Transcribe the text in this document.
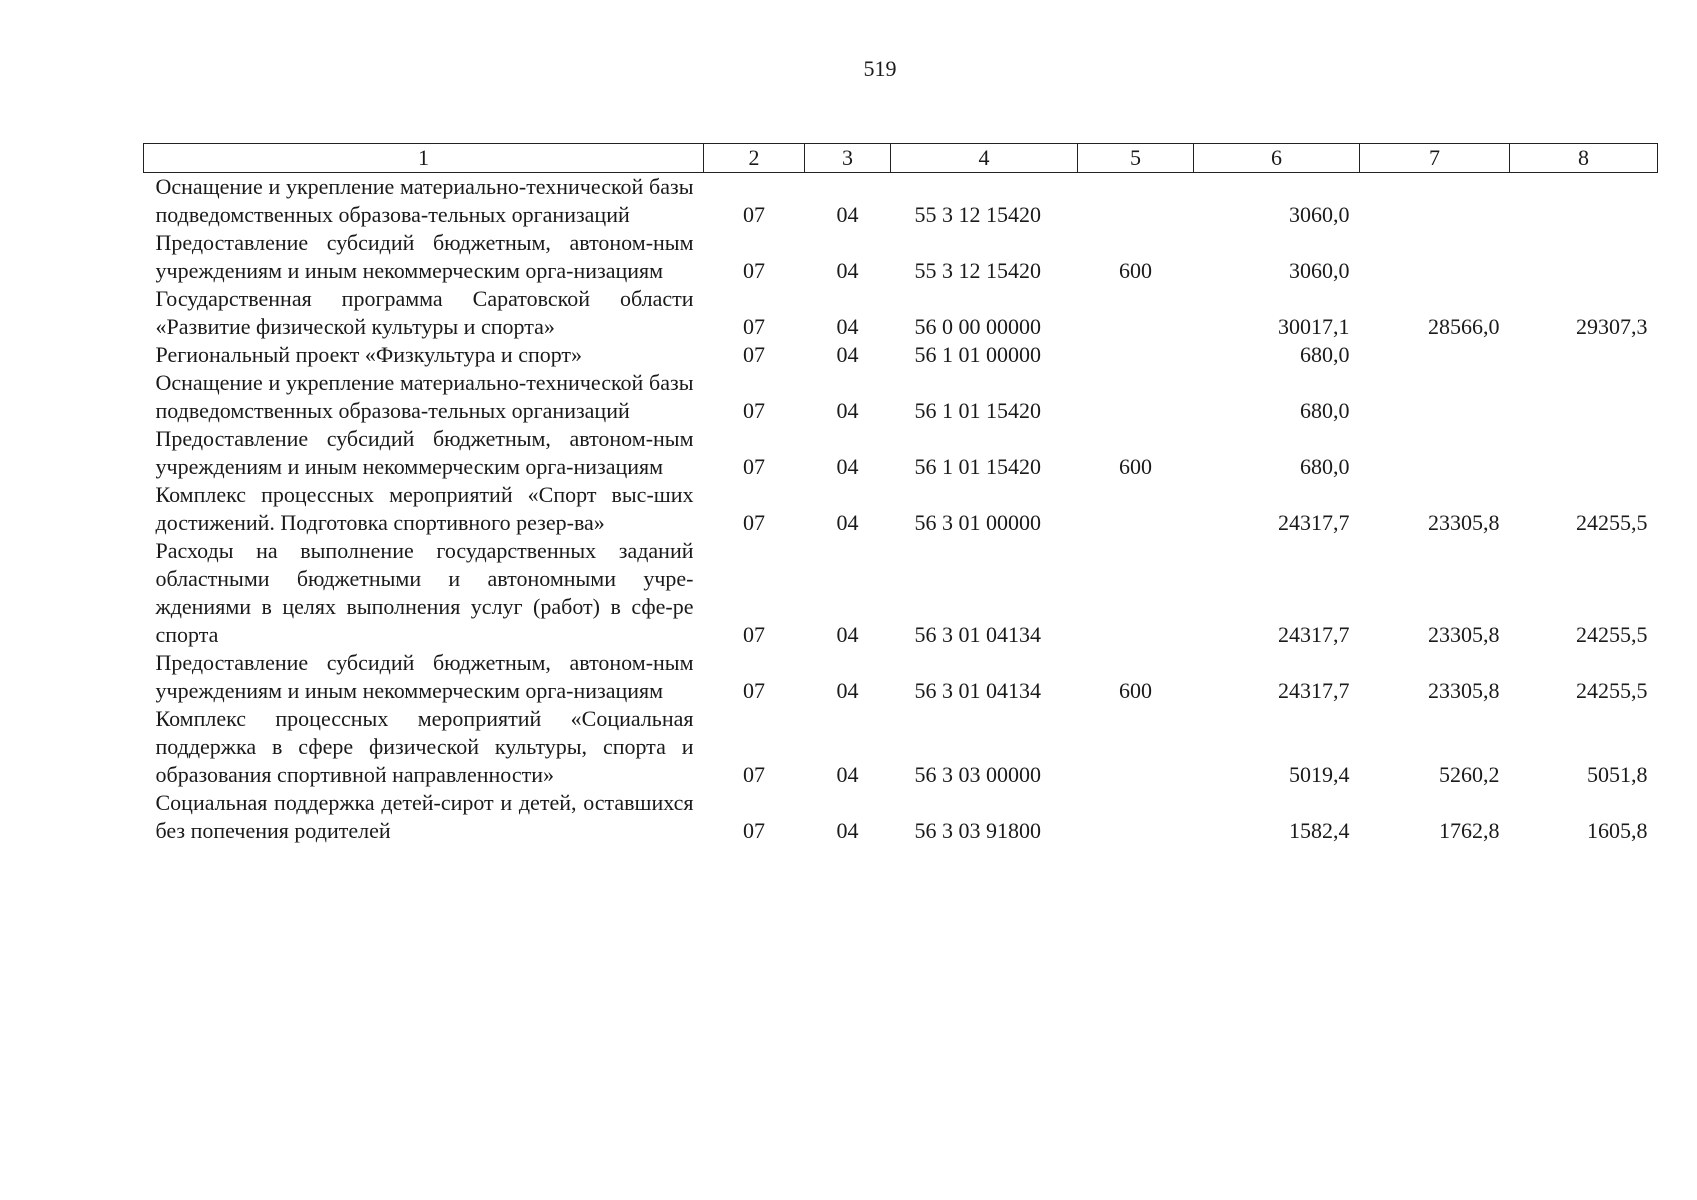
519
1	2	3	4	5	6	7	8
Оснащение и укрепление материально-технической базы подведомственных образова-тельных организаций	07	04	55 3 12 15420		3060,0		
Предоставление субсидий бюджетным, автоном-ным учреждениям и иным некоммерческим орга-низациям	07	04	55 3 12 15420	600	3060,0		
Государственная программа Саратовской области «Развитие физической культуры и спорта»	07	04	56 0 00 00000		30017,1	28566,0	29307,3
Региональный проект «Физкультура и спорт»	07	04	56 1 01 00000		680,0		
Оснащение и укрепление материально-технической базы подведомственных образова-тельных организаций	07	04	56 1 01 15420		680,0		
Предоставление субсидий бюджетным, автоном-ным учреждениям и иным некоммерческим орга-низациям	07	04	56 1 01 15420	600	680,0		
Комплекс процессных мероприятий «Спорт выс-ших достижений. Подготовка спортивного резер-ва»	07	04	56 3 01 00000		24317,7	23305,8	24255,5
Расходы на выполнение государственных заданий областными бюджетными и автономными учре-ждениями в целях выполнения услуг (работ) в сфе-ре спорта	07	04	56 3 01 04134		24317,7	23305,8	24255,5
Предоставление субсидий бюджетным, автоном-ным учреждениям и иным некоммерческим орга-низациям	07	04	56 3 01 04134	600	24317,7	23305,8	24255,5
Комплекс процессных мероприятий «Социальная поддержка в сфере физической культуры, спорта и образования спортивной направленности»	07	04	56 3 03 00000		5019,4	5260,2	5051,8
Социальная поддержка детей-сирот и детей, оставшихся без попечения родителей	07	04	56 3 03 91800		1582,4	1762,8	1605,8
